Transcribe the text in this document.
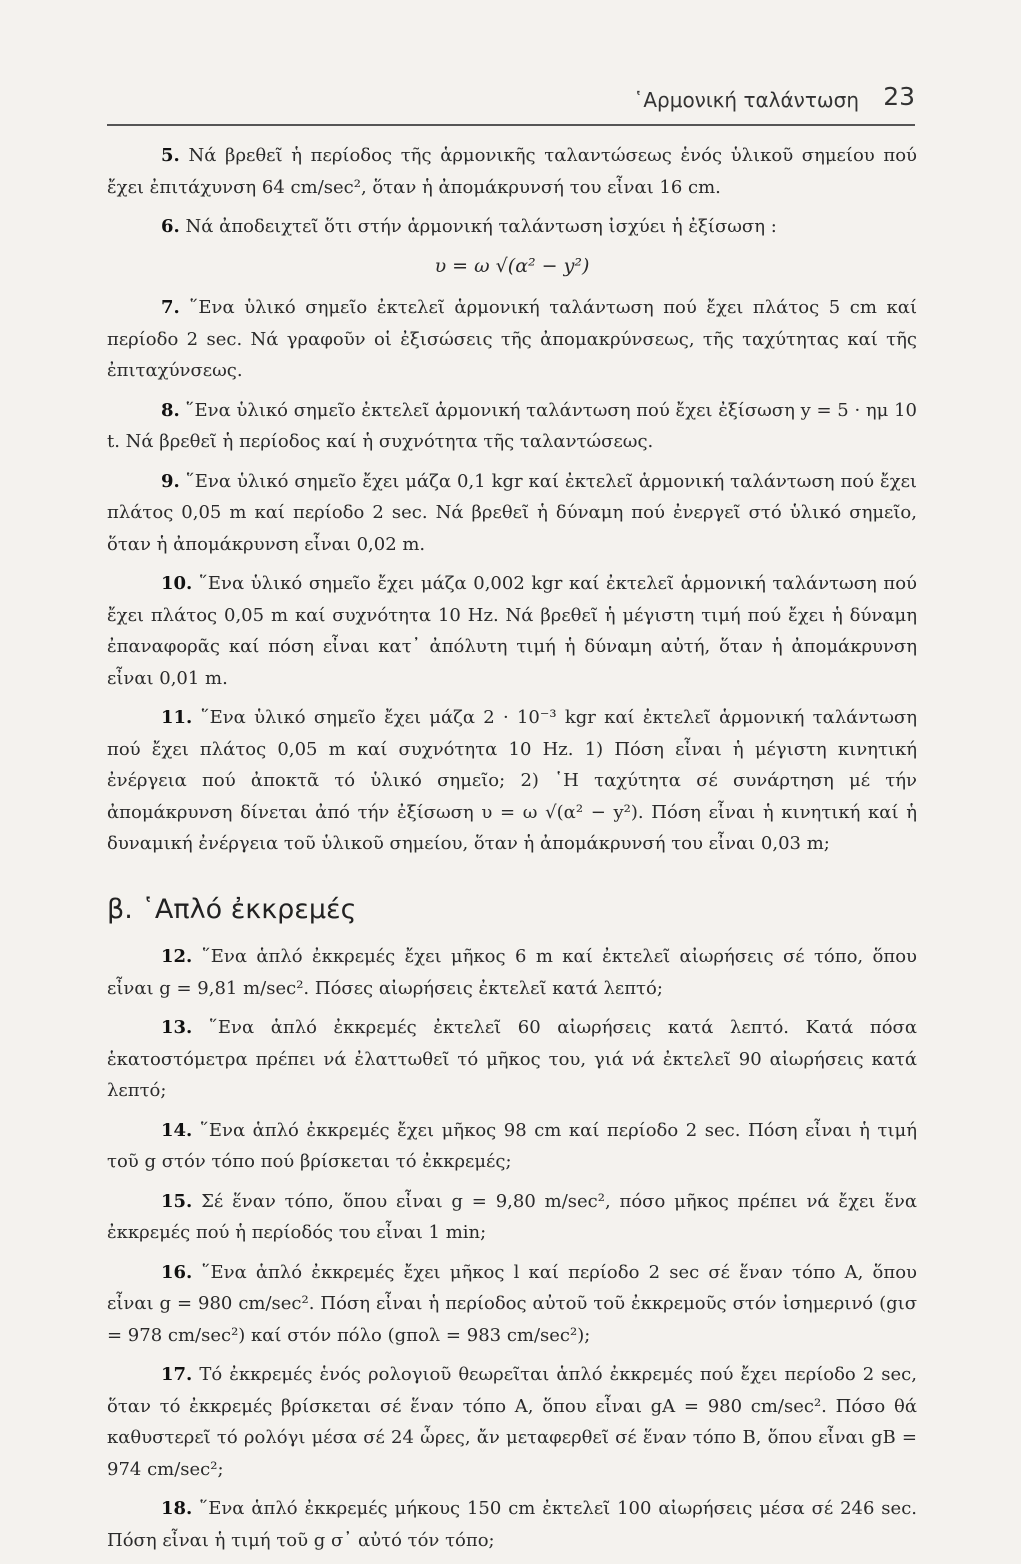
῾Αρμονική ταλάντωση 23

5. Νά βρεθεῖ ἡ περίοδος τῆς ἁρμονικῆς ταλαντώσεως ἑνός ὑλικοῦ σημείου πού ἔχει ἐπιτάχυνση 64 cm/sec², ὅταν ἡ ἀπομάκρυνσή του εἶναι 16 cm.

6. Νά ἀποδειχτεῖ ὅτι στήν ἁρμονική ταλάντωση ἰσχύει ἡ ἐξίσωση :

υ = ω √(α² − y²)

7. ῞Ενα ὑλικό σημεῖο ἐκτελεῖ ἁρμονική ταλάντωση πού ἔχει πλάτος 5 cm καί περίοδο 2 sec. Νά γραφοῦν οἱ ἐξισώσεις τῆς ἀπομακρύνσεως, τῆς ταχύτητας καί τῆς ἐπιταχύνσεως.

8. ῞Ενα ὑλικό σημεῖο ἐκτελεῖ ἁρμονική ταλάντωση πού ἔχει ἐξίσωση y = 5 · ημ 10 t. Νά βρεθεῖ ἡ περίοδος καί ἡ συχνότητα τῆς ταλαντώσεως.

9. ῞Ενα ὑλικό σημεῖο ἔχει μάζα 0,1 kgr καί ἐκτελεῖ ἁρμονική ταλάντωση πού ἔχει πλάτος 0,05 m καί περίοδο 2 sec. Νά βρεθεῖ ἡ δύναμη πού ἐνεργεῖ στό ὑλικό σημεῖο, ὅταν ἡ ἀπομάκρυνση εἶναι 0,02 m.

10. ῞Ενα ὑλικό σημεῖο ἔχει μάζα 0,002 kgr καί ἐκτελεῖ ἁρμονική ταλάντωση πού ἔχει πλάτος 0,05 m καί συχνότητα 10 Hz. Νά βρεθεῖ ἡ μέγιστη τιμή πού ἔχει ἡ δύναμη ἐπαναφορᾶς καί πόση εἶναι κατ᾿ ἀπόλυτη τιμή ἡ δύναμη αὐτή, ὅταν ἡ ἀπομάκρυνση εἶναι 0,01 m.

11. ῞Ενα ὑλικό σημεῖο ἔχει μάζα 2 · 10⁻³ kgr καί ἐκτελεῖ ἁρμονική ταλάντωση πού ἔχει πλάτος 0,05 m καί συχνότητα 10 Hz. 1) Πόση εἶναι ἡ μέγιστη κινητική ἐνέργεια πού ἀποκτᾶ τό ὑλικό σημεῖο; 2) ῾Η ταχύτητα σέ συνάρτηση μέ τήν ἀπομάκρυνση δίνεται ἀπό τήν ἐξίσωση υ = ω √(α² − y²). Πόση εἶναι ἡ κινητική καί ἡ δυναμική ἐνέργεια τοῦ ὑλικοῦ σημείου, ὅταν ἡ ἀπομάκρυνσή του εἶναι 0,03 m;

β. ῾Απλό ἐκκρεμές

12. ῞Ενα ἁπλό ἐκκρεμές ἔχει μῆκος 6 m καί ἐκτελεῖ αἰωρήσεις σέ τόπο, ὅπου εἶναι g = 9,81 m/sec². Πόσες αἰωρήσεις ἐκτελεῖ κατά λεπτό;

13. ῞Ενα ἁπλό ἐκκρεμές ἐκτελεῖ 60 αἰωρήσεις κατά λεπτό. Κατά πόσα ἑκατοστόμετρα πρέπει νά ἐλαττωθεῖ τό μῆκος του, γιά νά ἐκτελεῖ 90 αἰωρήσεις κατά λεπτό;

14. ῞Ενα ἁπλό ἐκκρεμές ἔχει μῆκος 98 cm καί περίοδο 2 sec. Πόση εἶναι ἡ τιμή τοῦ g στόν τόπο πού βρίσκεται τό ἐκκρεμές;

15. Σέ ἕναν τόπο, ὅπου εἶναι g = 9,80 m/sec², πόσο μῆκος πρέπει νά ἔχει ἕνα ἐκκρεμές πού ἡ περίοδός του εἶναι 1 min;

16. ῞Ενα ἁπλό ἐκκρεμές ἔχει μῆκος l καί περίοδο 2 sec σέ ἕναν τόπο Α, ὅπου εἶναι g = 980 cm/sec². Πόση εἶναι ἡ περίοδος αὐτοῦ τοῦ ἐκκρεμοῦς στόν ἰσημερινό (gισ = 978 cm/sec²) καί στόν πόλο (gπολ = 983 cm/sec²);

17. Τό ἐκκρεμές ἑνός ρολογιοῦ θεωρεῖται ἁπλό ἐκκρεμές πού ἔχει περίοδο 2 sec, ὅταν τό ἐκκρεμές βρίσκεται σέ ἕναν τόπο Α, ὅπου εἶναι gA = 980 cm/sec². Πόσο θά καθυστερεῖ τό ρολόγι μέσα σέ 24 ὧρες, ἄν μεταφερθεῖ σέ ἕναν τόπο Β, ὅπου εἶναι gB = 974 cm/sec²;

18. ῞Ενα ἁπλό ἐκκρεμές μήκους 150 cm ἐκτελεῖ 100 αἰωρήσεις μέσα σέ 246 sec. Πόση εἶναι ἡ τιμή τοῦ g σ᾿ αὐτό τόν τόπο;
